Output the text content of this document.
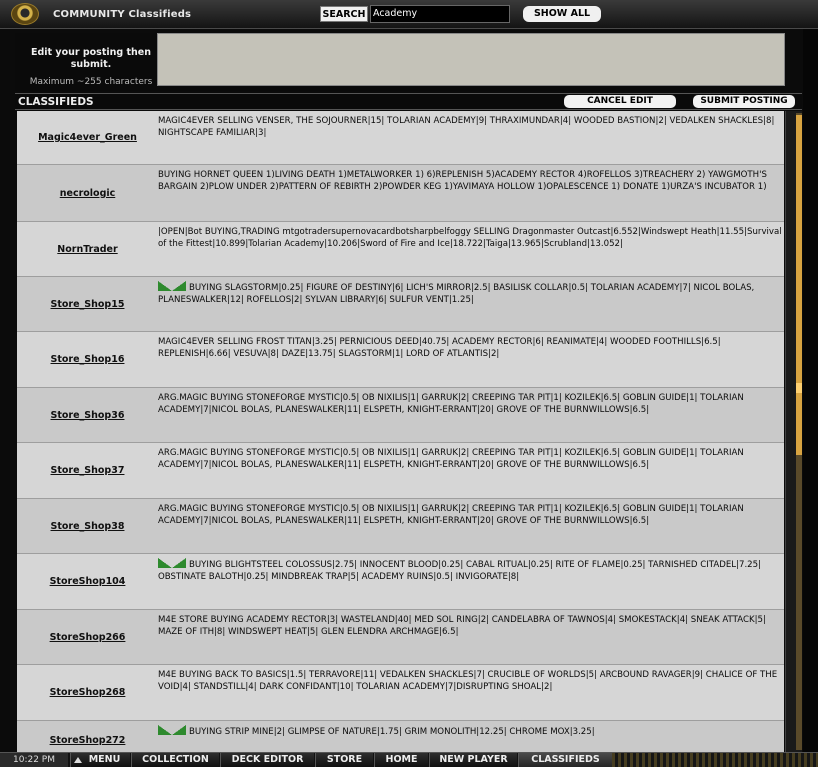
COMMUNITY Classifieds	SEARCH Academy	SHOW ALL
Edit your posting then submit.
Maximum ~255 characters
CLASSIFIEDS	CANCEL EDIT	SUBMIT POSTING
Magic4ever_Green
MAGIC4EVER SELLING VENSER, THE SOJOURNER|15| TOLARIAN ACADEMY|9| THRAXIMUNDAR|4| WOODED BASTION|2| VEDALKEN SHACKLES|8| NIGHTSCAPE FAMILIAR|3|
necrologic
BUYING HORNET QUEEN 1)LIVING DEATH 1)METALWORKER 1) 6)REPLENISH 5)ACADEMY RECTOR 4)ROFELLOS 3)TREACHERY 2) YAWGMOTH'S BARGAIN 2)PLOW UNDER 2)PATTERN OF REBIRTH 2)POWDER KEG 1)YAVIMAYA HOLLOW 1)OPALESCENCE 1) DONATE 1)URZA'S INCUBATOR 1)
NornTrader
|OPEN|Bot BUYING,TRADING mtgotradersupernovacardbotsharpbelfoggy SELLING Dragonmaster Outcast|6.552|Windswept Heath|11.55|Survival of the Fittest|10.899|Tolarian Academy|10.206|Sword of Fire and Ice|18.722|Taiga|13.965|Scrubland|13.052|
Store_Shop15
BUYING SLAGSTORM|0.25| FIGURE OF DESTINY|6| LICH'S MIRROR|2.5| BASILISK COLLAR|0.5| TOLARIAN ACADEMY|7| NICOL BOLAS, PLANESWALKER|12| ROFELLOS|2| SYLVAN LIBRARY|6| SULFUR VENT|1.25|
Store_Shop16
MAGIC4EVER SELLING FROST TITAN|3.25| PERNICIOUS DEED|40.75| ACADEMY RECTOR|6| REANIMATE|4| WOODED FOOTHILLS|6.5| REPLENISH|6.66| VESUVA|8| DAZE|13.75| SLAGSTORM|1| LORD OF ATLANTIS|2|
Store_Shop36
ARG.MAGIC BUYING STONEFORGE MYSTIC|0.5| OB NIXILIS|1| GARRUK|2| CREEPING TAR PIT|1| KOZILEK|6.5| GOBLIN GUIDE|1| TOLARIAN ACADEMY|7|NICOL BOLAS, PLANESWALKER|11| ELSPETH, KNIGHT-ERRANT|20| GROVE OF THE BURNWILLOWS|6.5|
Store_Shop37
ARG.MAGIC BUYING STONEFORGE MYSTIC|0.5| OB NIXILIS|1| GARRUK|2| CREEPING TAR PIT|1| KOZILEK|6.5| GOBLIN GUIDE|1| TOLARIAN ACADEMY|7|NICOL BOLAS, PLANESWALKER|11| ELSPETH, KNIGHT-ERRANT|20| GROVE OF THE BURNWILLOWS|6.5|
Store_Shop38
ARG.MAGIC BUYING STONEFORGE MYSTIC|0.5| OB NIXILIS|1| GARRUK|2| CREEPING TAR PIT|1| KOZILEK|6.5| GOBLIN GUIDE|1| TOLARIAN ACADEMY|7|NICOL BOLAS, PLANESWALKER|11| ELSPETH, KNIGHT-ERRANT|20| GROVE OF THE BURNWILLOWS|6.5|
StoreShop104
BUYING BLIGHTSTEEL COLOSSUS|2.75| INNOCENT BLOOD|0.25| CABAL RITUAL|0.25| RITE OF FLAME|0.25| TARNISHED CITADEL|7.25| OBSTINATE BALOTH|0.25| MINDBREAK TRAP|5| ACADEMY RUINS|0.5| INVIGORATE|8|
StoreShop266
M4E STORE BUYING ACADEMY RECTOR|3| WASTELAND|40| MED SOL RING|2| CANDELABRA OF TAWNOS|4| SMOKESTACK|4| SNEAK ATTACK|5| MAZE OF ITH|8| WINDSWEPT HEAT|5| GLEN ELENDRA ARCHMAGE|6.5|
StoreShop268
M4E BUYING BACK TO BASICS|1.5| TERRAVORE|11| VEDALKEN SHACKLES|7| CRUCIBLE OF WORLDS|5| ARCBOUND RAVAGER|9| CHALICE OF THE VOID|4| STANDSTILL|4| DARK CONFIDANT|10| TOLARIAN ACADEMY|7|DISRUPTING SHOAL|2|
StoreShop272
BUYING STRIP MINE|2| GLIMPSE OF NATURE|1.75| GRIM MONOLITH|12.25| CHROME MOX|3.25|
10:22 PM	MENU	COLLECTION	DECK EDITOR	STORE	HOME	NEW PLAYER	CLASSIFIEDS
